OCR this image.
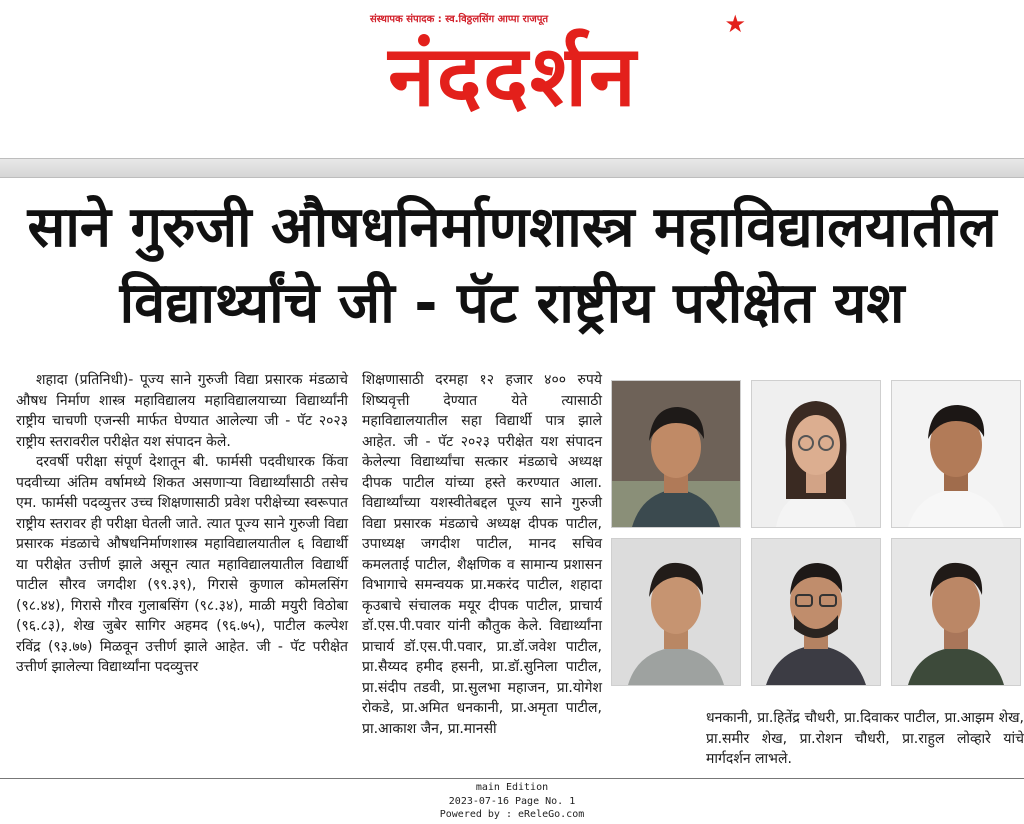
संस्थापक संपादक : स्व.विठ्ठलसिंग आप्पा राजपूत
नंददर्शन
★
साने गुरुजी औषधनिर्माणशास्त्र महाविद्यालयातील
विद्यार्थ्यांचे जी - पॅट राष्ट्रीय परीक्षेत यश

शहादा (प्रतिनिधी)- पूज्य साने गुरुजी विद्या प्रसारक मंडळाचे औषध निर्माण शास्त्र महाविद्यालय महाविद्यालयाच्या विद्यार्थ्यांनी राष्ट्रीय चाचणी एजन्सी मार्फत घेण्यात आलेल्या जी - पॅट २०२३ राष्ट्रीय स्तरावरील परीक्षेत यश संपादन केले.

दरवर्षी परीक्षा संपूर्ण देशातून बी. फार्मसी पदवीधारक किंवा पदवीच्या अंतिम वर्षामध्ये शिकत असणाऱ्या विद्यार्थ्यांसाठी तसेच एम. फार्मसी पदव्युत्तर उच्च शिक्षणासाठी प्रवेश परीक्षेच्या स्वरूपात राष्ट्रीय स्तरावर ही परीक्षा घेतली जाते. त्यात पूज्य साने गुरुजी विद्या प्रसारक मंडळाचे औषधनिर्माणशास्त्र महाविद्यालयातील ६ विद्यार्थी या परीक्षेत उत्तीर्ण झाले असून त्यात महाविद्यालयातील विद्यार्थी पाटील सौरव जगदीश (९९.३९), गिरासे कुणाल कोमलसिंग (९८.४४), गिरासे गौरव गुलाबसिंग (९८.३४), माळी मयुरी विठोबा (९६.८३), शेख जुबेर सागिर अहमद (९६.७५), पाटील कल्पेश रविंद्र (९३.७७) मिळवून उत्तीर्ण झाले आहेत. जी - पॅट परीक्षेत उत्तीर्ण झालेल्या विद्यार्थ्यांना पदव्युत्तर

शिक्षणासाठी दरमहा १२ हजार ४०० रुपये शिष्यवृत्ती देण्यात येते त्यासाठी महाविद्यालयातील सहा विद्यार्थी पात्र झाले आहेत. जी - पॅट २०२३ परीक्षेत यश संपादन केलेल्या विद्यार्थ्यांचा सत्कार मंडळाचे अध्यक्ष दीपक पाटील यांच्या हस्ते करण्यात आला. विद्यार्थ्यांच्या यशस्वीतेबद्दल पूज्य साने गुरुजी विद्या प्रसारक मंडळाचे अध्यक्ष दीपक पाटील, उपाध्यक्ष जगदीश पाटील, मानद सचिव कमलताई पाटील, शैक्षणिक व सामान्य प्रशासन विभागाचे समन्वयक प्रा.मकरंद पाटील, शहादा कृउबाचे संचालक मयूर दीपक पाटील, प्राचार्य डॉ.एस.पी.पवार यांनी कौतुक केले. विद्यार्थ्यांना प्राचार्य डॉ.एस.पी.पवार, प्रा.डॉ.जवेश पाटील, प्रा.सैय्यद हमीद हसनी, प्रा.डॉ.सुनिला पाटील, प्रा.संदीप तडवी, प्रा.सुलभा महाजन, प्रा.योगेश रोकडे, प्रा.अमित धनकानी, प्रा.अमृता पाटील, प्रा.आकाश जैन, प्रा.मानसी

धनकानी, प्रा.हितेंद्र चौधरी, प्रा.दिवाकर पाटील, प्रा.आझम शेख, प्रा.समीर शेख, प्रा.रोशन चौधरी, प्रा.राहुल लोव्हारे यांचे मार्गदर्शन लाभले.

main Edition
2023-07-16 Page No. 1
Powered by : eReleGo.com
